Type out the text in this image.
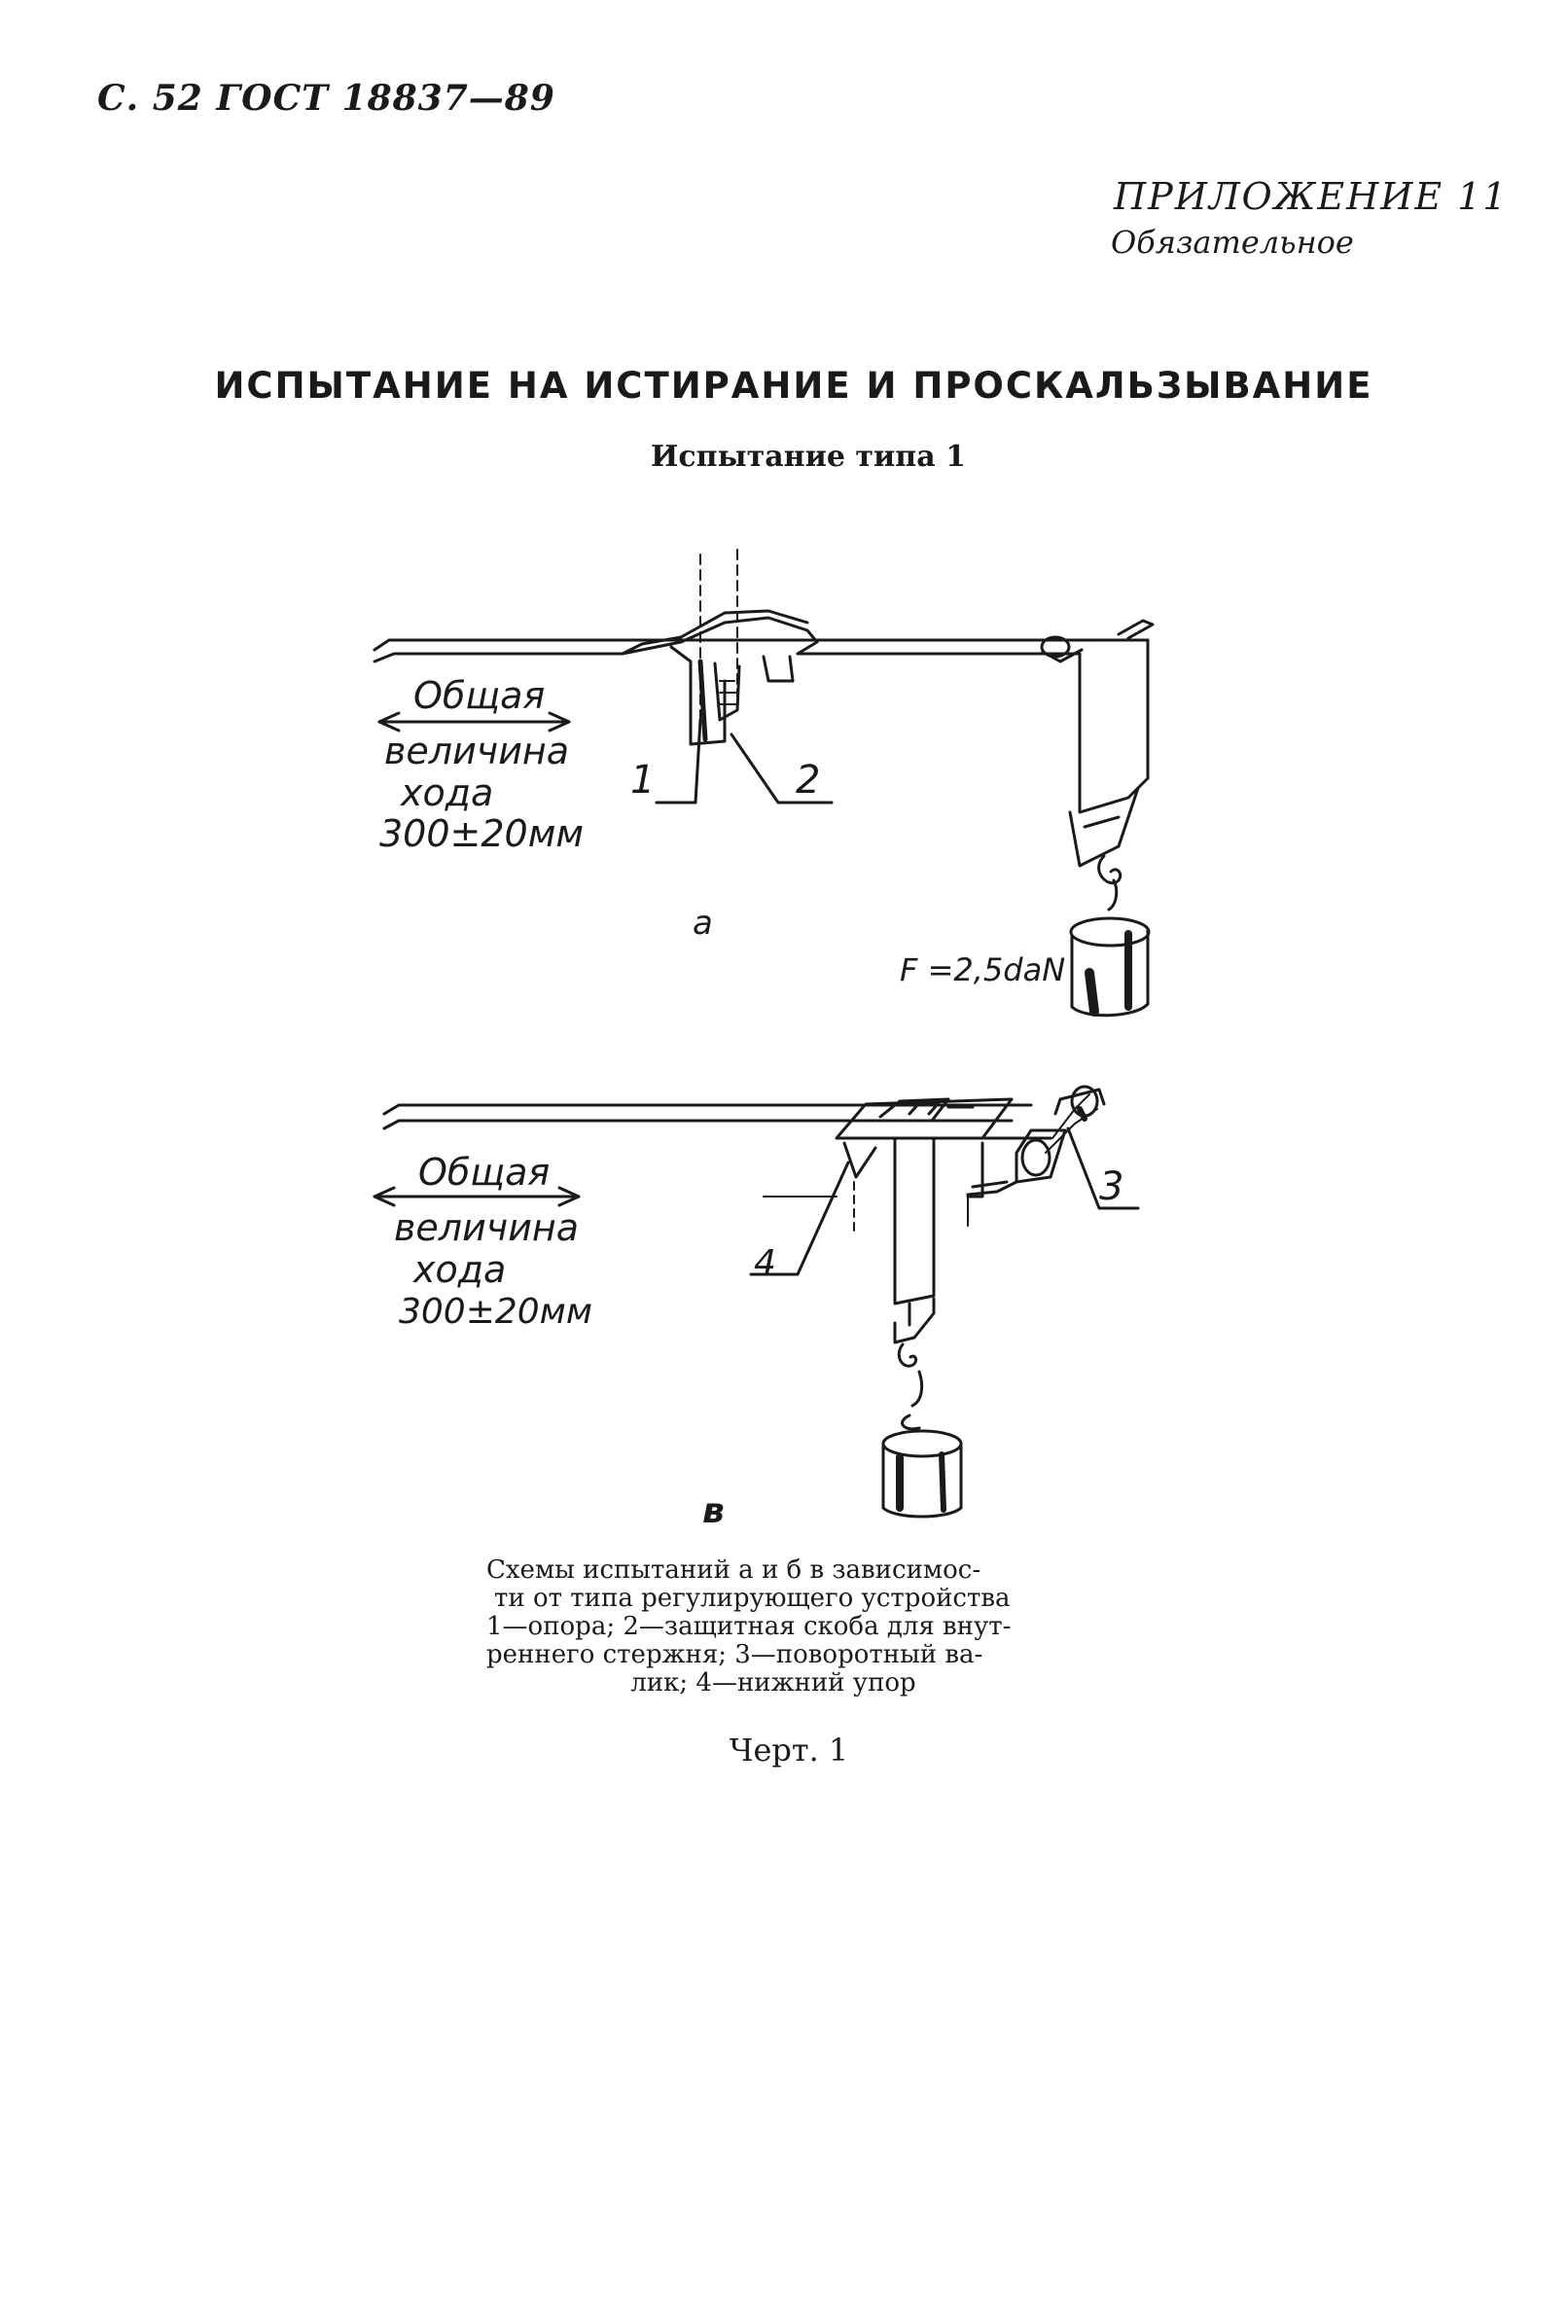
С. 52 ГОСТ 18837—89
ПРИЛОЖЕНИЕ 11
Обязательное
ИСПЫТАНИЕ НА ИСТИРАНИЕ И ПРОСКАЛЬЗЫВАНИЕ
Испытание типа 1
Общая
величина
хода
300±20мм
1	2
F =2,5daN
а
Общая
величина
хода
300±20мм
3
4
в
Схемы испытаний а и б в зависимос-
ти от типа регулирующего устройства
1—опора; 2—защитная скоба для внут-
реннего стержня; 3—поворотный ва-
лик; 4—нижний упор
Черт. 1
